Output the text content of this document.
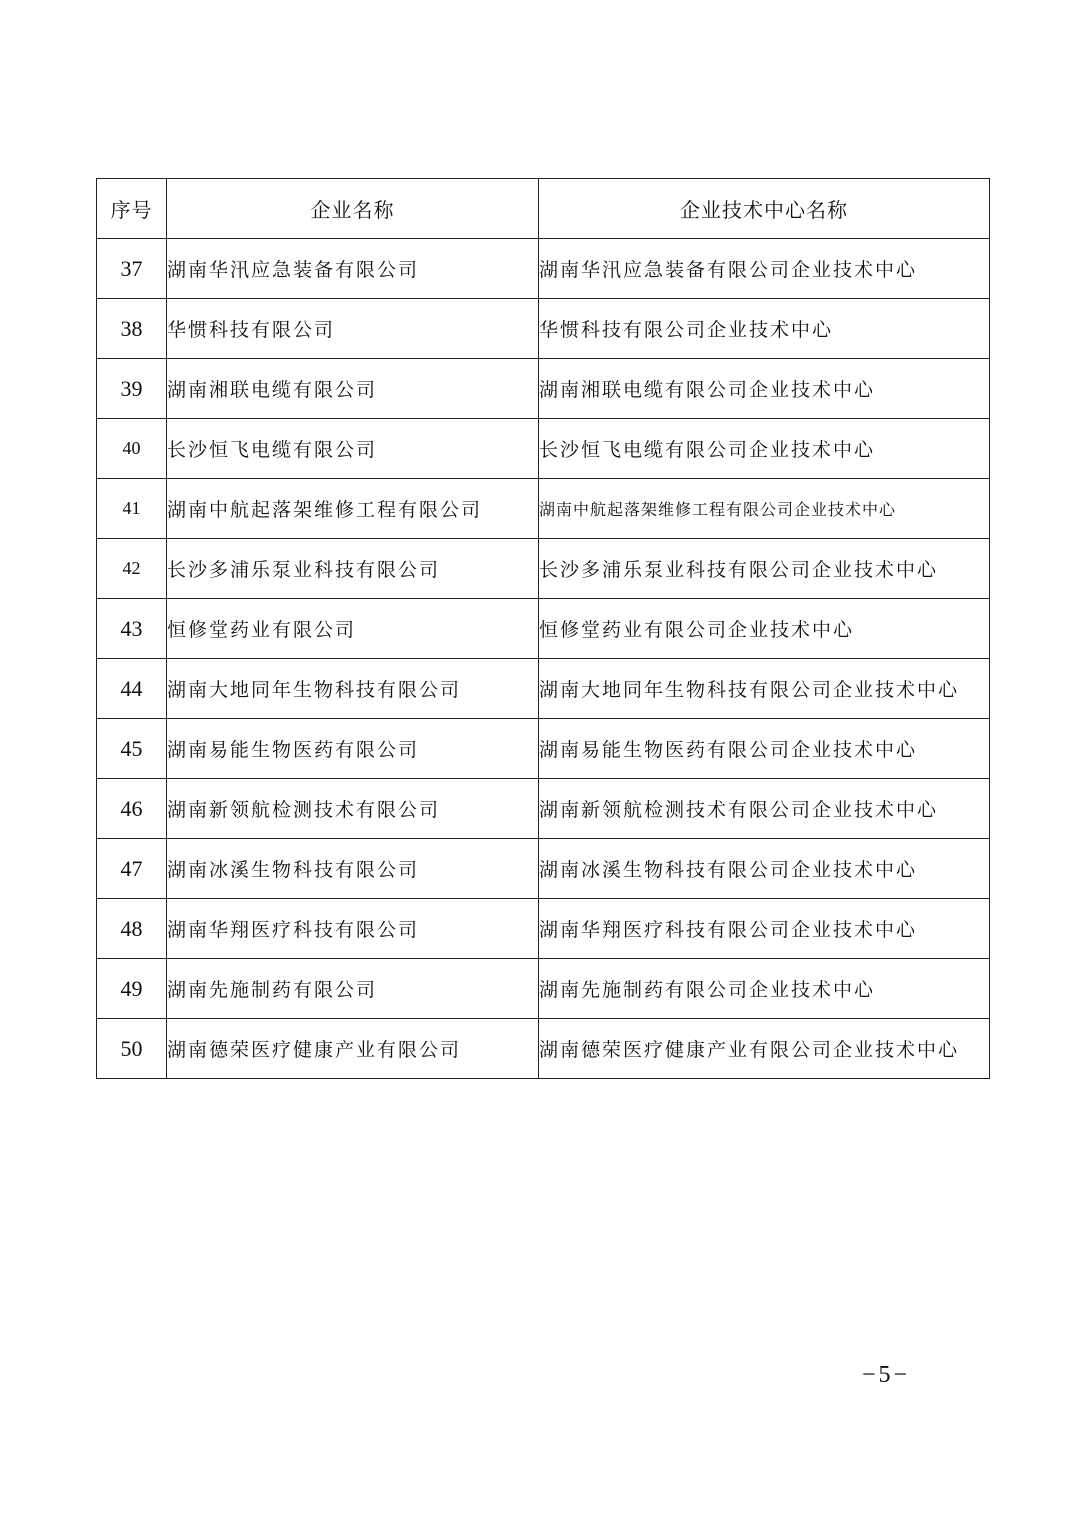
序号	企业名称	企业技术中心名称
37	湖南华汛应急装备有限公司	湖南华汛应急装备有限公司企业技术中心
38	华惯科技有限公司	华惯科技有限公司企业技术中心
39	湖南湘联电缆有限公司	湖南湘联电缆有限公司企业技术中心
40	长沙恒飞电缆有限公司	长沙恒飞电缆有限公司企业技术中心
41	湖南中航起落架维修工程有限公司	湖南中航起落架维修工程有限公司企业技术中心
42	长沙多浦乐泵业科技有限公司	长沙多浦乐泵业科技有限公司企业技术中心
43	恒修堂药业有限公司	恒修堂药业有限公司企业技术中心
44	湖南大地同年生物科技有限公司	湖南大地同年生物科技有限公司企业技术中心
45	湖南易能生物医药有限公司	湖南易能生物医药有限公司企业技术中心
46	湖南新领航检测技术有限公司	湖南新领航检测技术有限公司企业技术中心
47	湖南冰溪生物科技有限公司	湖南冰溪生物科技有限公司企业技术中心
48	湖南华翔医疗科技有限公司	湖南华翔医疗科技有限公司企业技术中心
49	湖南先施制药有限公司	湖南先施制药有限公司企业技术中心
50	湖南德荣医疗健康产业有限公司	湖南德荣医疗健康产业有限公司企业技术中心
−5−
